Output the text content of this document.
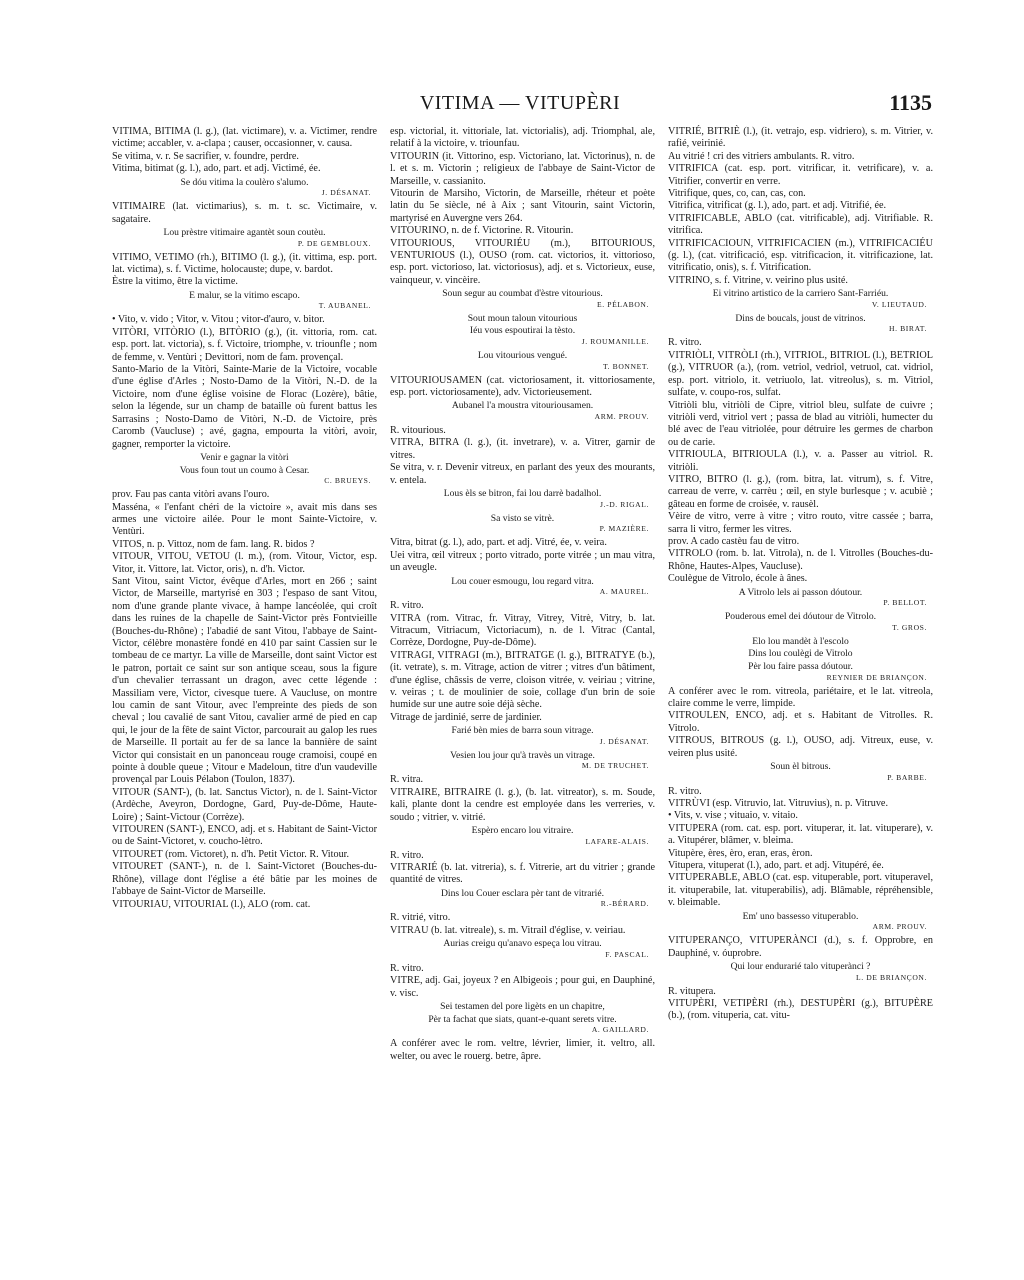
VITIMA — VITUPÈRI	1135
VITIMA, BITIMA (l. g.), (lat. victimare), v. a. Victimer, rendre victime; accabler, v. a-clapa ; causer, occasionner, v. causa.
Se vitima, v. r. Se sacrifier, v. foundre, perdre.
Vitima, bitimat (g. l.), ado, part. et adj. Victimé, ée.
Se dóu vitima la coulèro s'alumo.
J. DÉSANAT.
VITIMAIRE (lat. victimarius), s. m. t. sc. Victimaire, v. sagataire.
Lou prèstre vitimaire agantèt soun coutèu.
P. DE GEMBLOUX.
VITIMO, VETIMO (rh.), BITIMO (l. g.), (it. vittima, esp. port. lat. victima), s. f. Victime, holocauste; dupe, v. bardot.
Èstre la vitimo, être la victime.
E malur, se la vitimo escapo.
T. AUBANEL.
• Vito, v. vido ; Vitor, v. Vitou ; vitor-d'auro, v. bitor.
VITÒRI, VITÒRIO (l.), BITÒRIO (g.), (it. vittoria, rom. cat. esp. port. lat. victoria), s. f. Victoire, triomphe, v. triounfle ; nom de femme, v. Ventùri ; Devittori, nom de fam. provençal.
Santo-Mario de la Vitòri, Sainte-Marie de la Victoire, vocable d'une église d'Arles ; Nosto-Damo de la Vitòri, N.-D. de la Victoire, nom d'une église voisine de Florac (Lozère), bâtie, selon la légende, sur un champ de bataille où furent battus les Sarrasins ; Nosto-Damo de Vitòri, N.-D. de Victoire, près Caromb (Vaucluse) ; avé, gagna, empourta la vitòri, avoir, gagner, remporter la victoire.
Venir e gagnar la vitòri
Vous foun tout un coumo à Cesar.
C. BRUEYS.
prov. Fau pas canta vitòri avans l'ouro.
Masséna, « l'enfant chéri de la victoire », avait mis dans ses armes une victoire ailée. Pour le mont Sainte-Victoire, v. Ventùri.
VITOS, n. p. Vittoz, nom de fam. lang. R. bidos ?
VITOUR, VITOU, VETOU (l. m.), (rom. Vitour, Victor, esp. Vitor, it. Vittore, lat. Victor, oris), n. d'h. Victor.
Sant Vitou, saint Victor, évêque d'Arles, mort en 266 ; saint Victor, de Marseille, martyrisé en 303 ; l'espaso de sant Vitou, nom d'une grande plante vivace, à hampe lancéolée, qui croît dans les ruines de la chapelle de Saint-Victor près Fontvieille (Bouches-du-Rhône) ; l'abadié de sant Vitou, l'abbaye de Saint-Victor, célèbre monastère fondé en 410 par saint Cassien sur le tombeau de ce martyr. La ville de Marseille, dont saint Victor est le patron, portait ce saint sur son antique sceau, sous la figure d'un chevalier terrassant un dragon, avec cette légende : Massiliam vere, Victor, civesque tuere. A Vaucluse, on montre lou camin de sant Vitour, avec l'empreinte des pieds de son cheval ; lou cavalié de sant Vitou, cavalier armé de pied en cap qui, le jour de la fête de saint Victor, parcourait au galop les rues de Marseille. Il portait au fer de sa lance la bannière de saint Victor qui consistait en un panonceau rouge cramoisi, coupé en pointe à double queue ; Vitour e Madeloun, titre d'un vaudeville provençal par Louis Pélabon (Toulon, 1837).
VITOUR (SANT-), (b. lat. Sanctus Victor), n. de l. Saint-Victor (Ardèche, Aveyron, Dordogne, Gard, Puy-de-Dôme, Haute-Loire) ; Saint-Victour (Corrèze).
VITOUREN (SANT-), ENCO, adj. et s. Habitant de Saint-Victor ou de Saint-Victoret, v. coucho-lètro.
VITOURET (rom. Victoret), n. d'h. Petit Victor. R. Vitour.
VITOURET (SANT-), n. de l. Saint-Victoret (Bouches-du-Rhône), village dont l'église a été bâtie par les moines de l'abbaye de Saint-Victor de Marseille.
VITOURIAU, VITOURIAL (l.), ALO (rom. cat.
esp. victorial, it. vittoriale, lat. victorialis), adj. Triomphal, ale, relatif à la victoire, v. triounfau.
VITOURIN (it. Vittorino, esp. Victoriano, lat. Victorinus), n. de l. et s. m. Victorin ; religieux de l'abbaye de Saint-Victor de Marseille, v. cassianito.
Vitourin de Marsiho, Victorin, de Marseille, rhéteur et poète latin du 5e siècle, né à Aix ; sant Vitourin, saint Victorin, martyrisé en Auvergne vers 264.
VITOURINO, n. de f. Victorine. R. Vitourin.
VITOURIOUS, VITOURIÉU (m.), BITOURIOUS, VENTURIOUS (l.), OUSO (rom. cat. victorios, it. vittorioso, esp. port. victorioso, lat. victoriosus), adj. et s. Victorieux, euse, vainqueur, v. vincèire.
Soun segur au coumbat d'èstre vitourious.
E. PÉLABON.
Sout moun taloun vitourious
Iéu vous espoutirai la tèsto.
J. ROUMANILLE.
Lou vitourious vengué.
T. BONNET.
VITOURIOUSAMEN (cat. victoriosament, it. vittoriosamente, esp. port. victoriosamente), adv. Victorieusement.
Aubanel l'a moustra vitouriousamen.
ARM. PROUV.
R. vitourious.
VITRA, BITRA (l. g.), (it. invetrare), v. a. Vitrer, garnir de vitres.
Se vitra, v. r. Devenir vitreux, en parlant des yeux des mourants, v. entela.
Lous èls se bitron, fai lou darrè badalhol.
J.-D. RIGAL.
Sa visto se vitrè.
P. MAZIÈRE.
Vitra, bitrat (g. l.), ado, part. et adj. Vitré, ée, v. veira.
Uei vitra, œil vitreux ; porto vitrado, porte vitrée ; un mau vitra, un aveugle.
Lou couer esmougu, lou regard vitra.
A. MAUREL.
R. vitro.
VITRA (rom. Vitrac, fr. Vitray, Vitrey, Vitrè, Vitry, b. lat. Vitracum, Vitriacum, Victoriacum), n. de l. Vitrac (Cantal, Corrèze, Dordogne, Puy-de-Dôme).
VITRAGI, VITRAGI (m.), BITRATGE (l. g.), BITRATYE (b.), (it. vetrate), s. m. Vitrage, action de vitrer ; vitres d'un bâtiment, d'une église, châssis de verre, cloison vitrée, v. veiriau ; vitrine, v. veiras ; t. de moulinier de soie, collage d'un brin de soie humide sur une autre soie déjà sèche.
Vitrage de jardinié, serre de jardinier.
Farié bèn mies de barra soun vitrage.
J. DÉSANAT.
Vesien lou jour qu'à travès un vitrage.
M. DE TRUCHET.
R. vitra.
VITRAIRE, BITRAIRE (l. g.), (b. lat. vitreator), s. m. Soude, kali, plante dont la cendre est employée dans les verreries, v. soudo ; vitrier, v. vitrié.
Espèro encaro lou vitraire.
LAFARE-ALAIS.
R. vitro.
VITRARIÉ (b. lat. vitreria), s. f. Vitrerie, art du vitrier ; grande quantité de vitres.
Dins lou Couer esclara pèr tant de vitrarié.
R.-BÉRARD.
R. vitrié, vitro.
VITRAU (b. lat. vitreale), s. m. Vitrail d'église, v. veiriau.
Aurias creigu qu'anavo espeça lou vitrau.
F. PASCAL.
R. vitro.
VITRE, adj. Gai, joyeux ? en Albigeois ; pour gui, en Dauphiné, v. visc.
Sei testamen del pore ligèts en un chapitre,
Pèr ta fachat que siats, quant-e-quant serets vitre.
A. GAILLARD.
A conférer avec le rom. veltre, lévrier, limier, it. veltro, all. welter, ou avec le rouerg. betre, âpre.
VITRIÉ, BITRIÈ (l.), (it. vetrajo, esp. vidriero), s. m. Vitrier, v. rafié, veirinié.
Au vitrié ! cri des vitriers ambulants. R. vitro.
VITRIFICA (cat. esp. port. vitrificar, it. vetrificare), v. a. Vitrifier, convertir en verre.
Vitrifique, ques, co, can, cas, con.
Vitrifica, vitrificat (g. l.), ado, part. et adj. Vitrifié, ée.
VITRIFICABLE, ABLO (cat. vitrificable), adj. Vitrifiable. R. vitrifica.
VITRIFICACIOUN, VITRIFICACIEN (m.), VITRIFICACIÉU (g. l.), (cat. vitrificació, esp. vitrificacion, it. vitrificazione, lat. vitrificatio, onis), s. f. Vitrification.
VITRINO, s. f. Vitrine, v. veirino plus usité.
Ei vitrino artistico de la carriero Sant-Farriéu.
V. LIEUTAUD.
Dins de boucals, joust de vitrinos.
H. BIRAT.
R. vitro.
VITRIÒLI, VITRÒLI (rh.), VITRIOL, BITRIOL (l.), BETRIOL (g.), VITRUOR (a.), (rom. vetriol, vedriol, vetruol, cat. vidriol, esp. port. vitriolo, it. vetriuolo, lat. vitreolus), s. m. Vitriol, sulfate, v. coupo-ros, sulfat.
Vitriòli blu, vitriòli de Cipre, vitriol bleu, sulfate de cuivre ; vitriòli verd, vitriol vert ; passa de blad au vitriòli, humecter du blé avec de l'eau vitriolée, pour détruire les germes de charbon ou de carie.
VITRIOULA, BITRIOULA (l.), v. a. Passer au vitriol. R. vitriòli.
VITRO, BITRO (l. g.), (rom. bitra, lat. vitrum), s. f. Vitre, carreau de verre, v. carrèu ; œil, en style burlesque ; v. acubiè ; gâteau en forme de croisée, v. rausèl.
Vèire de vitro, verre à vitre ; vitro routo, vitre cassée ; barra, sarra li vitro, fermer les vitres.
prov. A cado castèu fau de vitro.
VITROLO (rom. b. lat. Vitrola), n. de l. Vitrolles (Bouches-du-Rhône, Hautes-Alpes, Vaucluse).
Coulègue de Vitrolo, école à ânes.
A Vitrolo lels ai passon dóutour.
P. BELLOT.
Pouderous emel dei dóutour de Vitrolo.
T. GROS.
Elo lou mandèt à l'escolo
Dins lou coulègi de Vitrolo
Pèr lou faire passa dóutour.
REYNIER DE BRIANÇON.
A conférer avec le rom. vitreola, pariétaire, et le lat. vitreola, claire comme le verre, limpide.
VITROULEN, ENCO, adj. et s. Habitant de Vitrolles. R. Vitrolo.
VITROUS, BITROUS (g. l.), OUSO, adj. Vitreux, euse, v. veiren plus usité.
Soun èl bitrous.
P. BARBE.
R. vitro.
VITRÙVI (esp. Vitruvio, lat. Vitruvius), n. p. Vitruve.
• Vits, v. vise ; vituaio, v. vitaio.
VITUPERA (rom. cat. esp. port. vituperar, it. lat. vituperare), v. a. Vitupérer, blâmer, v. bleima.
Vitupère, ères, èro, eran, eras, èron.
Vitupera, vituperat (l.), ado, part. et adj. Vitupéré, ée.
VITUPERABLE, ABLO (cat. esp. vituperable, port. vituperavel, it. vituperabile, lat. vituperabilis), adj. Blâmable, répréhensible, v. bleimable.
Em' uno bassesso vituperablo.
ARM. PROUV.
VITUPERANÇO, VITUPERÀNCI (d.), s. f. Opprobre, en Dauphiné, v. óuprobre.
Qui lour endurarié talo vituperànci ?
L. DE BRIANÇON.
R. vitupera.
VITUPÈRI, VETIPÈRI (rh.), DESTUPÈRI (g.), BITUPÈRE (b.), (rom. vituperia, cat. vitu-
